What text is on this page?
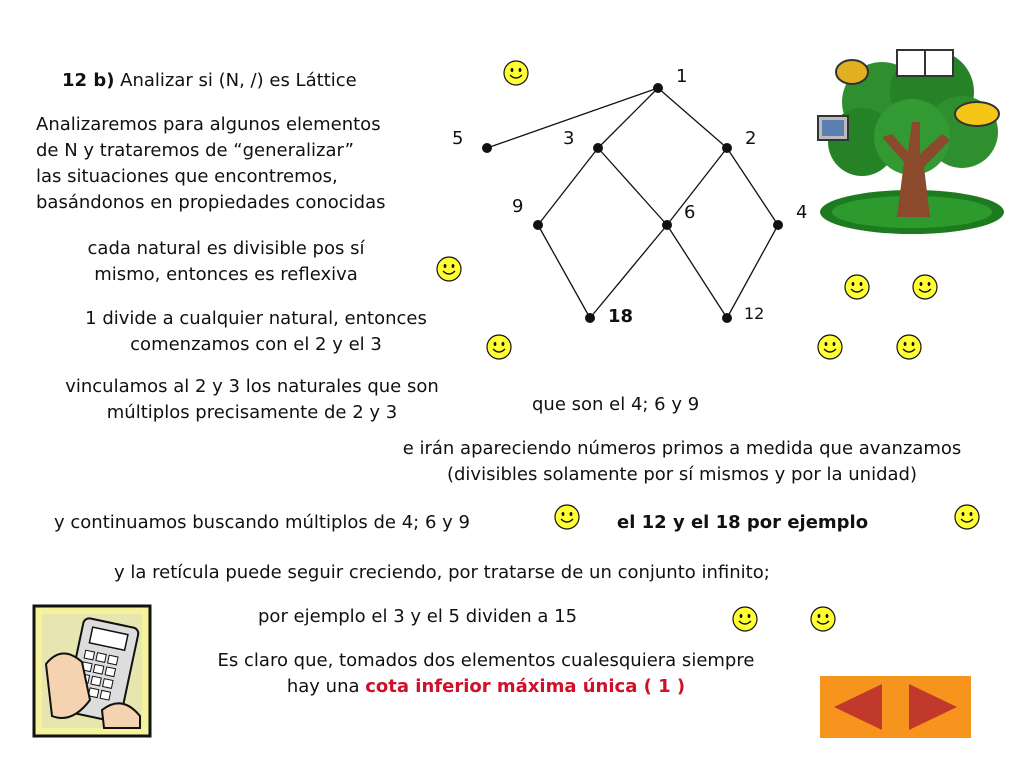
12 b) Analizar si (N, /) es Láttice
Analizaremos para algunos elementos
de N y trataremos de “generalizar”
las situaciones que encontremos,
basándonos en propiedades conocidas
cada natural es divisible pos sí
mismo, entonces es reflexiva
1 divide a cualquier natural, entonces
comenzamos con el 2 y el 3
vinculamos al 2 y 3 los naturales que son
múltiplos precisamente de 2 y 3	que son el 4; 6 y 9
e irán apareciendo números primos a medida que avanzamos
(divisibles solamente por sí mismos y por la unidad)
y continuamos buscando múltiplos de 4; 6 y 9	el 12 y el 18 por ejemplo
y la retícula puede seguir creciendo, por tratarse de un conjunto infinito;
por ejemplo el 3 y el 5 dividen a 15
Es claro que, tomados dos elementos cualesquiera siempre
hay una cota inferior máxima única ( 1 )
1
5	3	2
9	6	4
18	12
